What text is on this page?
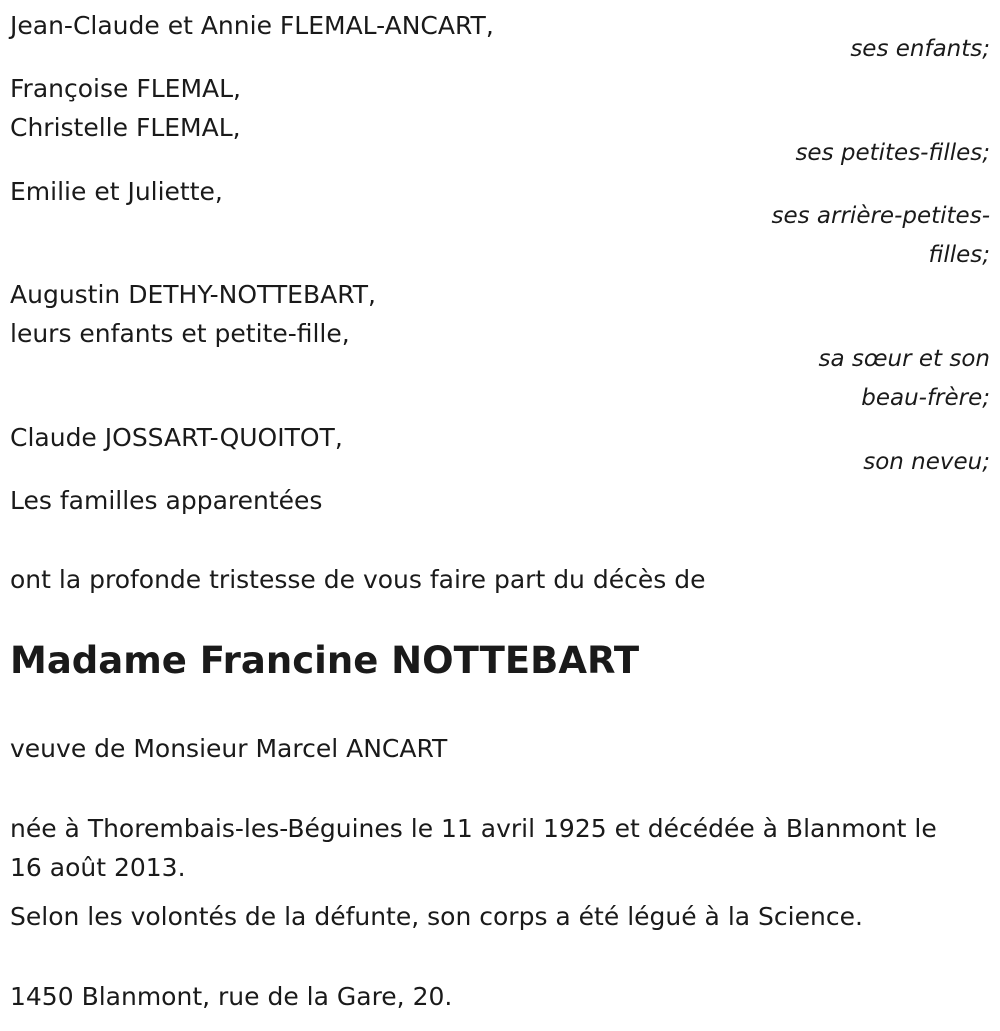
Jean-Claude et Annie FLEMAL-ANCART,
ses enfants;
Françoise FLEMAL,
Christelle FLEMAL,
ses petites-filles;
Emilie et Juliette,
ses arrière-petites-
filles;
Augustin DETHY-NOTTEBART,
leurs enfants et petite-fille,
sa sœur et son
beau-frère;
Claude JOSSART-QUOITOT,
son neveu;
Les familles apparentées
ont la profonde tristesse de vous faire part du décès de
Madame Francine NOTTEBART
veuve de Monsieur Marcel ANCART
née à Thorembais-les-Béguines le 11 avril 1925 et décédée à Blanmont le
16 août 2013.
Selon les volontés de la défunte, son corps a été légué à la Science.
1450 Blanmont, rue de la Gare, 20.
